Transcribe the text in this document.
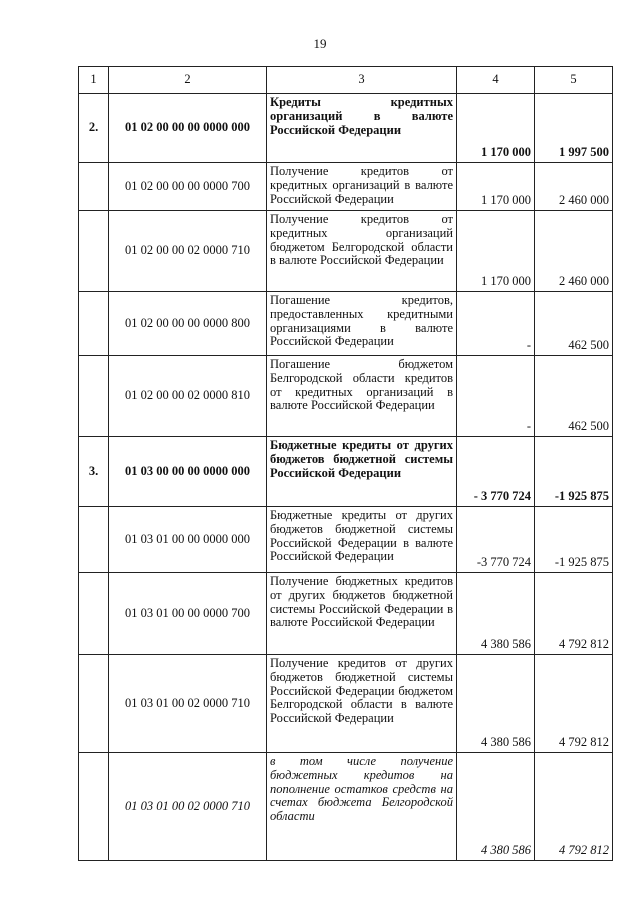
19
1	2	3	4	5
2.	01 02 00 00 00 0000 000	Кредиты кредитных организаций в валюте Российской Федерации	1 170 000	1 997 500
	01 02 00 00 00 0000 700	Получение кредитов от кредитных организаций в валюте Российской Федерации	1 170 000	2 460 000
	01 02 00 00 02 0000 710	Получение кредитов от кредитных организаций бюджетом Белгородской области в валюте Российской Федерации	1 170 000	2 460 000
	01 02 00 00 00 0000 800	Погашение кредитов, предоставленных кредитными организациями в валюте Российской Федерации	-	462 500
	01 02 00 00 02 0000 810	Погашение бюджетом Белгородской области кредитов от кредитных организаций в валюте Российской Федерации	-	462 500
3.	01 03 00 00 00 0000 000	Бюджетные кредиты от других бюджетов бюджетной системы Российской Федерации	- 3 770 724	-1 925 875
	01 03 01 00 00 0000 000	Бюджетные кредиты от других бюджетов бюджетной системы Российской Федерации в валюте Российской Федерации	-3 770 724	-1 925 875
	01 03 01 00 00 0000 700	Получение бюджетных кредитов от других бюджетов бюджетной системы Российской Федерации в валюте Российской Федерации	4 380 586	4 792 812
	01 03 01 00 02 0000 710	Получение кредитов от других бюджетов бюджетной системы Российской Федерации бюджетом Белгородской области в валюте Российской Федерации	4 380 586	4 792 812
	01 03 01 00 02 0000 710	в том числе получение бюджетных кредитов на пополнение остатков средств на счетах бюджета Белгородской области	4 380 586	4 792 812
